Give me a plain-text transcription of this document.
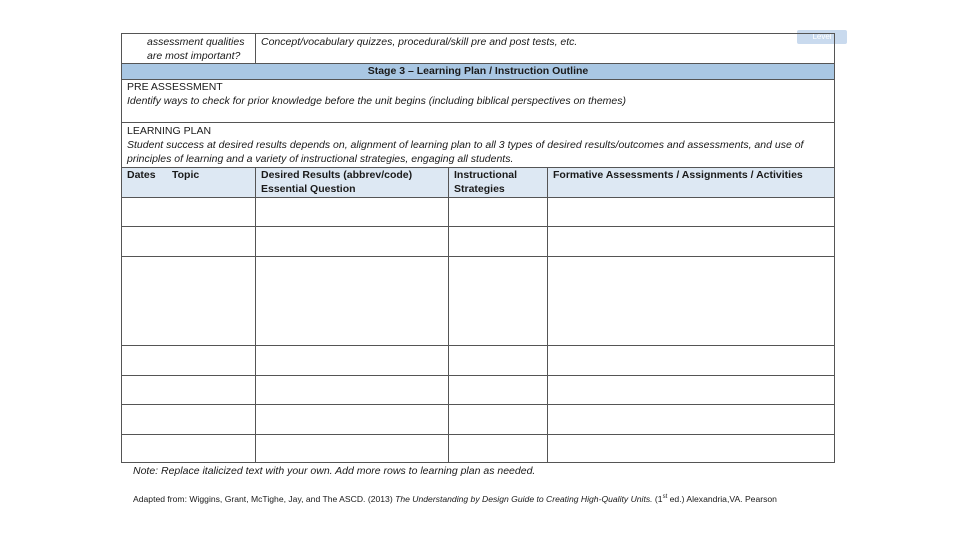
Level
assessment qualities
are most important?
Concept/vocabulary quizzes, procedural/skill pre and post tests, etc.
Stage 3 – Learning Plan / Instruction Outline
PRE ASSESSMENT
Identify ways to check for prior knowledge before the unit begins (including biblical perspectives on themes)
LEARNING PLAN
Student success at desired results depends on, alignment of learning plan to all 3 types of desired results/outcomes and assessments, and use of
principles of learning and a variety of instructional strategies, engaging all students.
Dates Topic	Desired Results (abbrev/code)
Essential Question
Instructional
Strategies
Formative Assessments / Assignments / Activities
Note: Replace italicized text with your own. Add more rows to learning plan as needed.
Adapted from: Wiggins, Grant, McTighe, Jay, and The ASCD. (2013) The Understanding by Design Guide to Creating High-Quality Units. (1st ed.) Alexandria,VA. Pearson
